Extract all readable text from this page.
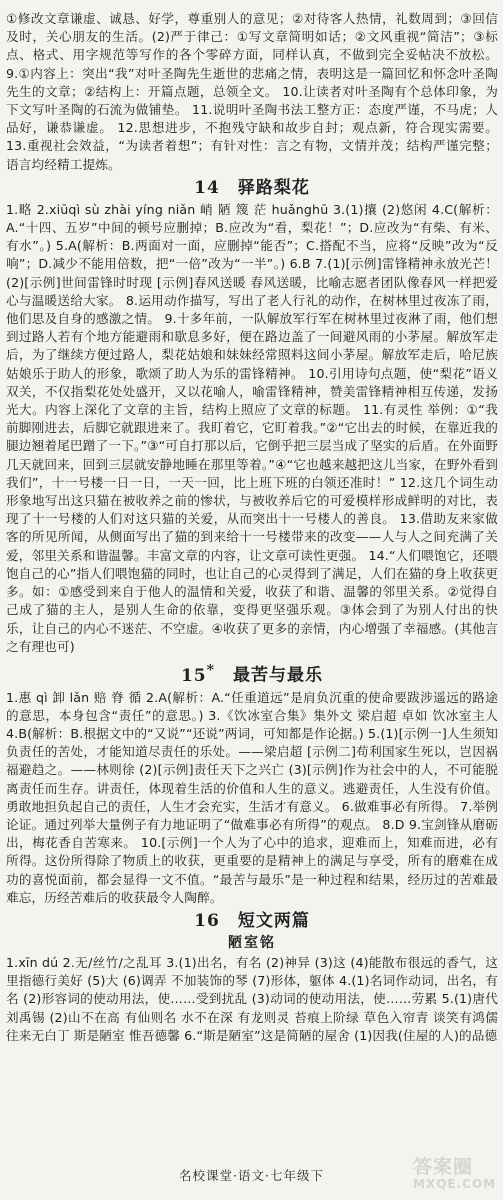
①修改文章谦虚、诚恳、好学，尊重别人的意见；②对待客人热情，礼数周到；③回信及时，关心朋友的生活。(2)严于律己：①写文章简明如话；②文风重视“简洁”；③标点、格式、用字规范等写作的各个零碎方面，同样认真，不做到完全妥帖决不放松。 9.①内容上：突出“我”对叶圣陶先生逝世的悲痛之情，表明这是一篇回忆和怀念叶圣陶先生的文章；②结构上：开篇点题，总领全文。 10.让读者对叶圣陶有个总体印象，为下文写叶圣陶的石流为做铺垫。 11.说明叶圣陶书法工整方正：态度严谨，不马虎；人品好，谦恭谦虚。 12.思想进步，不抱残守缺和故步自封；观点新，符合现实需要。 13.重视社会效益，“为读者着想”；有针对性：言之有物，文情并茂；结构严谨完整；语言均经精工提炼。

14 驿路梨花

1.略 2.xiūqì sù zhài yíng niǎn 峭 陋 篾 茫 huǎnghū 3.(1)攘 (2)悠闲 4.C(解析：A.“十四、五岁”中间的顿号应删掉；B.应改为“看，梨花！”；D.应改为“有柴、有米、有水”。) 5.A(解析：B.两面对一面，应删掉“能否”；C.搭配不当，应将“反映”改为“反响”；D.减少不能用倍数，把“一倍”改为“一半”。) 6.B 7.(1)[示例]雷锋精神永放光芒！ (2)[示例]世间雷锋时时现 [示例]春风送暖 春风送暖，比喻志愿者团队像春风一样把爱心与温暖送给大家。 8.运用动作描写，写出了老人行礼的动作，在树林里过夜冻了雨，他们思及自身的感激之情。 9.十多年前，一队解放军行军在树林里过夜淋了雨，他们想到过路人若有个地方能避雨和歇息多好，便在路边盖了一间避风雨的小茅屋。解放军走后，为了继续方便过路人，梨花姑娘和妹妹经常照料这间小茅屋。解放军走后，哈尼族姑娘乐于助人的形象，歌颂了助人为乐的雷锋精神。 10.引用诗句点题，使“梨花”语义双关，不仅指梨花处处盛开，又以花喻人，喻雷锋精神，赞美雷锋精神相互传递，发扬光大。内容上深化了文章的主旨，结构上照应了文章的标题。 11.有灵性 举例：①“我前脚刚进去，后脚它就跟进来了。我盯着它，它盯着我。”②“它出去的时候，在靠近我的腿边翘着尾巴蹭了一下。”③“可自打那以后，它倒乎把三层当成了坚实的后盾。在外面野几天就回来，回到三层就安静地睡在那里等着。”④“它也越来越把这儿当家，在野外看到我们”，十一号楼一日一日，一天一回，比上班下班的白领还准时！” 12.这几个词生动形象地写出这只猫在被收养之前的惨状，与被收养后它的可爱模样形成鲜明的对比，表现了十一号楼的人们对这只猫的关爱，从而突出十一号楼人的善良。 13.借助友来家做客的所见所闻，从侧面写出了猫的到来给十一号楼带来的改变——人与人之间充满了关爱，邻里关系和谐温馨。丰富文章的内容，让文章可读性更强。 14.“人们喂饱它，还喂饱自己的心”指人们喂饱猫的同时，也让自己的心灵得到了满足，人们在猫的身上收获更多。如：①感受到来自于他人的温情和关爱，收获了和谐、温馨的邻里关系。②觉得自己成了猫的主人，是别人生命的依靠，变得更坚强乐观。③体会到了为别人付出的快乐，让自己的内心不迷茫、不空虚。④收获了更多的亲情，内心增强了幸福感。(其他言之有理也可)

15* 最苦与最乐

1.惠 qì 卸 lǎn 赔 脊 循 2.A(解析：A.“任重道远”是肩负沉重的使命要跋涉遥远的路途的意思，本身包含“责任”的意思。) 3.《饮冰室合集》集外文 梁启超 卓如 饮冰室主人 4.B(解析：B.根据文中的“又说”“还说”两词，可知都是作论据。) 5.(1)[示例一]人生须知负责任的苦处，才能知道尽责任的乐处。——梁启超 [示例二]苟利国家生死以，岂因祸福避趋之。——林则徐 (2)[示例]责任天下之兴亡 (3)[示例]作为社会中的人，不可能脱离责任而生存。讲责任，体现着生活的价值和人生的意义。逃避责任，人生没有价值。勇敢地担负起自己的责任，人生才会充实，生活才有意义。 6.做难事必有所得。 7.举例论证。通过列举大量例子有力地证明了“做难事必有所得”的观点。 8.D 9.宝剑锋从磨砺出，梅花香自苦寒来。 10.[示例]一个人为了心中的追求，迎难而上，知难而进，必有所得。这份所得除了物质上的收获，更重要的是精神上的满足与享受，所有的磨难在成功的喜悦面前，都会显得一文不值。“最苦与最乐”是一种过程和结果，经历过的苦难最难忘，历经苦难后的收获最令人陶醉。

16 短文两篇
陋室铭

1.xīn dú 2.无/丝竹/之乱耳 3.(1)出名，有名 (2)神异 (3)这 (4)能散布很远的香气，这里指德行美好 (5)大 (6)调弄 不加装饰的琴 (7)形体，躯体 4.(1)名词作动词，出名，有名 (2)形容词的使动用法，使……受到扰乱 (3)动词的使动用法，使……劳累 5.(1)唐代 刘禹锡 (2)山不在高 有仙则名 水不在深 有龙则灵 苔痕上阶绿 草色入帘青 谈笑有鸿儒 往来无白丁 斯是陋室 惟吾德馨 6.“斯是陋室”这是简陋的屋舍 (1)因我(住屋的人)的品德

名校课堂·语文·七年级下	答案圈
MXQE.COM
